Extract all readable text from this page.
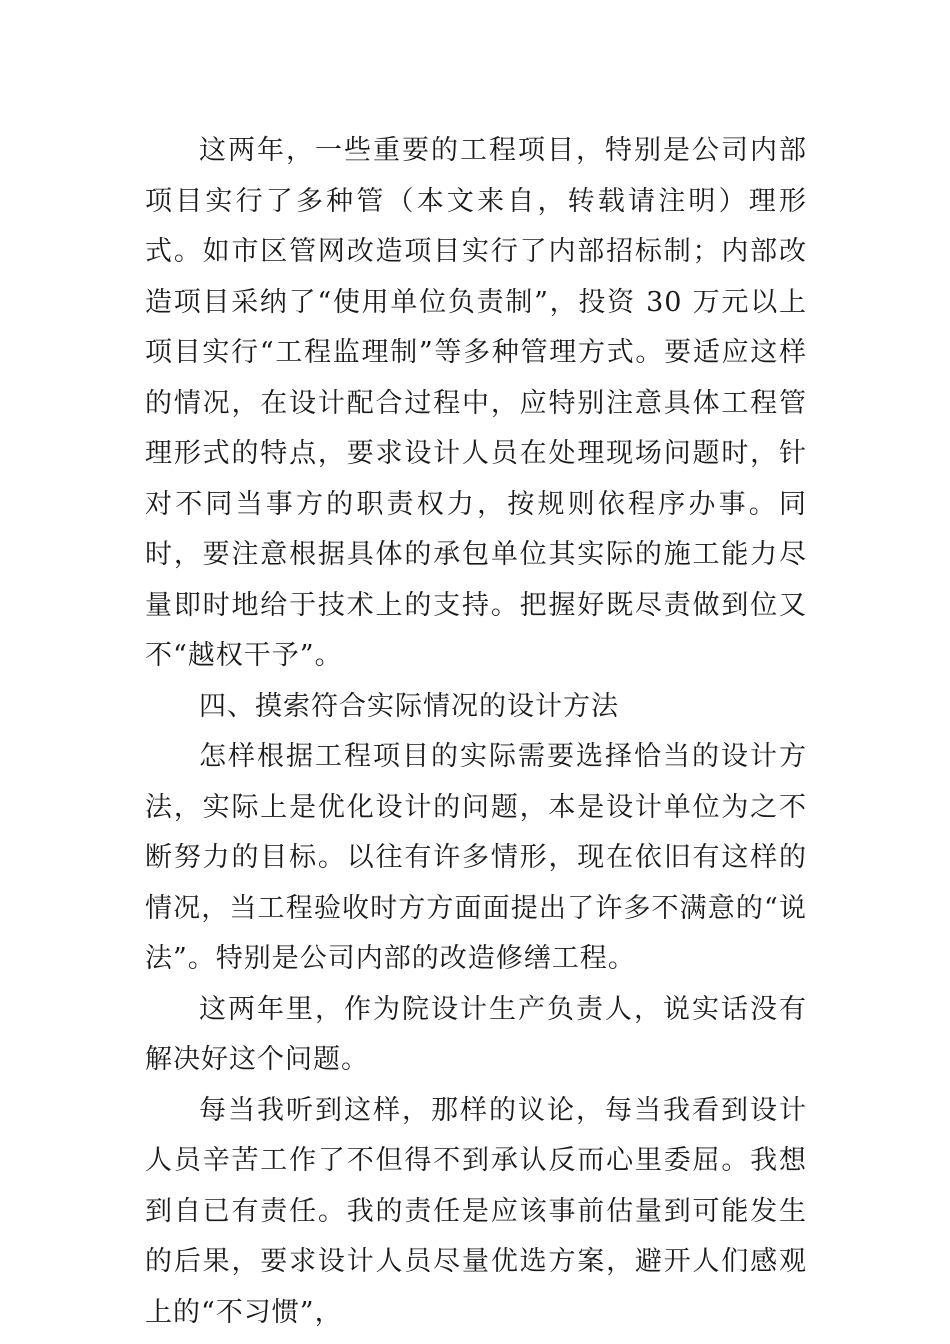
这两年，一些重要的工程项目，特别是公司内部项目实行了多种管（本文来自，转载请注明）理形式。如市区管网改造项目实行了内部招标制；内部改造项目采纳了“使用单位负责制”，投资 30 万元以上项目实行“工程监理制”等多种管理方式。要适应这样的情况，在设计配合过程中，应特别注意具体工程管理形式的特点，要求设计人员在处理现场问题时，针对不同当事方的职责权力，按规则依程序办事。同时，要注意根据具体的承包单位其实际的施工能力尽量即时地给于技术上的支持。把握好既尽责做到位又不“越权干予”。

四、摸索符合实际情况的设计方法

怎样根据工程项目的实际需要选择恰当的设计方法，实际上是优化设计的问题，本是设计单位为之不断努力的目标。以往有许多情形，现在依旧有这样的情况，当工程验收时方方面面提出了许多不满意的“说法”。特别是公司内部的改造修缮工程。

这两年里，作为院设计生产负责人，说实话没有解决好这个问题。

每当我听到这样，那样的议论，每当我看到设计人员辛苦工作了不但得不到承认反而心里委屈。我想到自已有责任。我的责任是应该事前估量到可能发生的后果，要求设计人员尽量优选方案，避开人们感观上的“不习惯”，
